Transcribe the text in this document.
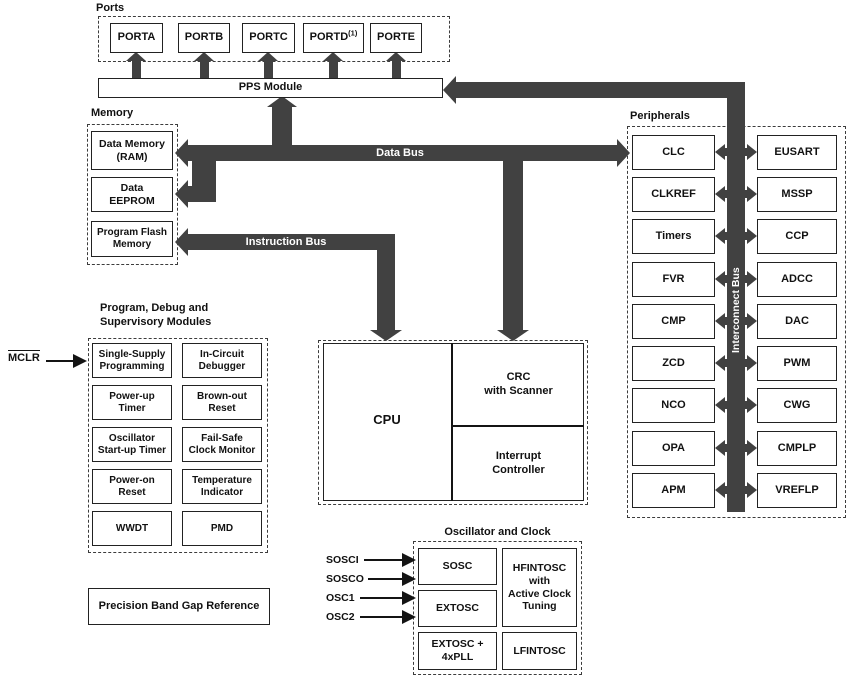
Ports
Memory	Peripherals
Program, Debug and
Supervisory Modules
Oscillator and Clock
Data Bus
Instruction Bus
Interconnect Bus
PORTA	PORTB	PORTC	PORTD$^{(1)}$	PORTE
PPS Module
Data Memory
(RAM)
Data
EEPROM
Program Flash
Memory
CPU
CRC
with Scanner
Interrupt
Controller
CLC
CLKREF
Timers
FVR
CMP
ZCD
NCO
OPA
APM
EUSART
MSSP
CCP
ADCC
DAC
PWM
CWG
CMPLP
VREFLP
Single-Supply
Programming
In-Circuit
Debugger
Power-up
Timer
Brown-out
Reset
Oscillator
Start-up Timer
Fail-Safe
Clock Monitor
Power-on
Reset
Temperature
Indicator
WWDT	PMD
MCLR
Precision Band Gap Reference
SOSC
EXTOSC
EXTOSC +
4xPLL
HFINTOSC
with
Active Clock
Tuning
LFINTOSC
SOSCI
SOSCO
OSC1
OSC2
